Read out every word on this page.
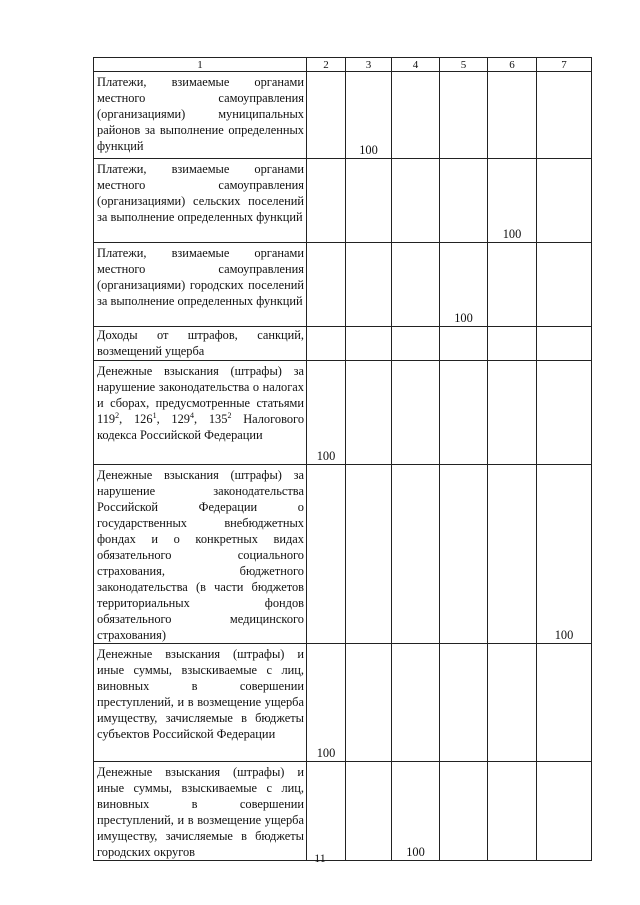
1	2	3	4	5	6	7
Платежи, взимаемые органами местного самоуправления (организациями) муниципальных районов за выполнение определенных функций		100				
Платежи, взимаемые органами местного самоуправления (организациями) сельских поселений за выполнение определенных функций					100	
Платежи, взимаемые органами местного самоуправления (организациями) городских поселений за выполнение определенных функций				100		
Доходы от штрафов, санкций, возмещений ущерба						
Денежные взыскания (штрафы) за нарушение законодательства о налогах и сборах, предусмотренные статьями $119^2$, $126^1$, $129^4$, $135^2$ Налогового кодекса Российской Федерации	100					
Денежные взыскания (штрафы) за нарушение законодательства Российской Федерации о государственных внебюджетных фондах и о конкретных видах обязательного социального страхования, бюджетного законодательства (в части бюджетов территориальных фондов обязательного медицинского страхования)						100
Денежные взыскания (штрафы) и иные суммы, взыскиваемые с лиц, виновных в совершении преступлений, и в возмещение ущерба имуществу, зачисляемые в бюджеты субъектов Российской Федерации	100					
Денежные взыскания (штрафы) и иные суммы, взыскиваемые с лиц, виновных в совершении преступлений, и в возмещение ущерба имуществу, зачисляемые в бюджеты городских округов			100			
11
